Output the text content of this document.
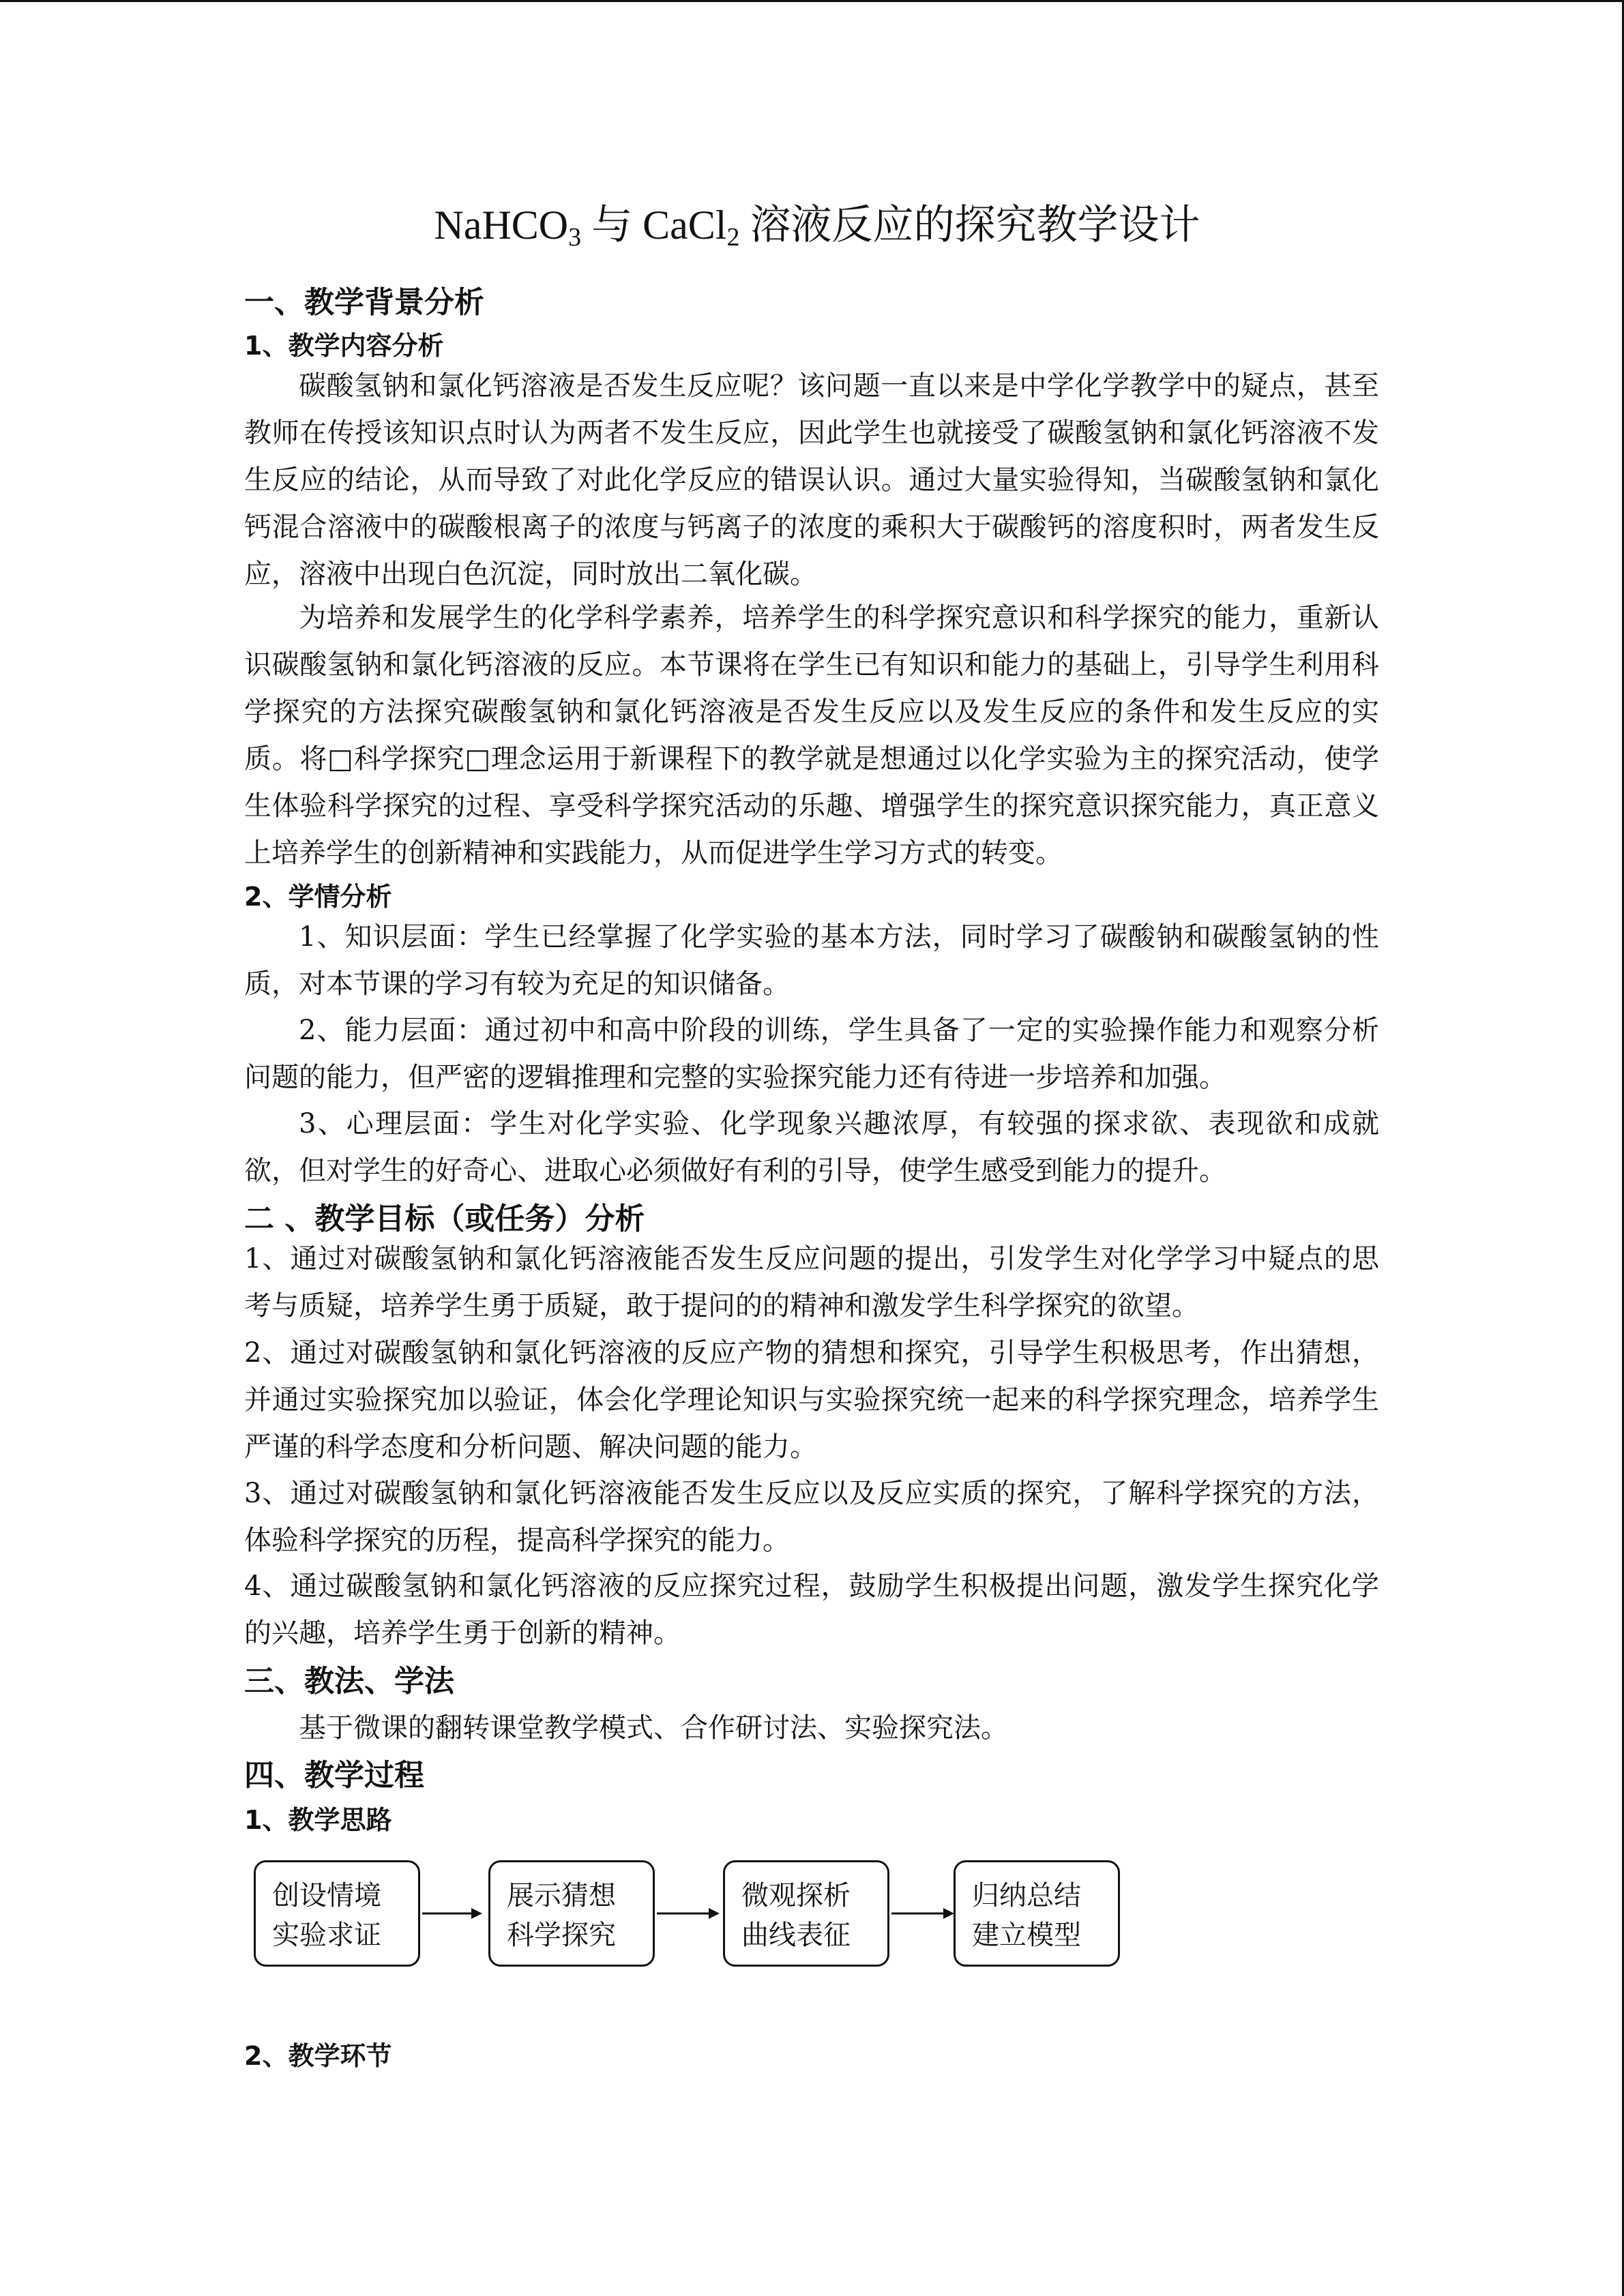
NaHCO$_3$ 与 CaCl$_2$ 溶液反应的探究教学设计
一、教学背景分析
1、教学内容分析
碳酸氢钠和氯化钙溶液是否发生反应呢？该问题一直以来是中学化学教学中的疑点，甚至教师在传授该知识点时认为两者不发生反应，因此学生也就接受了碳酸氢钠和氯化钙溶液不发生反应的结论，从而导致了对此化学反应的错误认识。通过大量实验得知，当碳酸氢钠和氯化钙混合溶液中的碳酸根离子的浓度与钙离子的浓度的乘积大于碳酸钙的溶度积时，两者发生反应，溶液中出现白色沉淀，同时放出二氧化碳。
为培养和发展学生的化学科学素养，培养学生的科学探究意识和科学探究的能力，重新认识碳酸氢钠和氯化钙溶液的反应。本节课将在学生已有知识和能力的基础上，引导学生利用科学探究的方法探究碳酸氢钠和氯化钙溶液是否发生反应以及发生反应的条件和发生反应的实质。将□科学探究□理念运用于新课程下的教学就是想通过以化学实验为主的探究活动，使学生体验科学探究的过程、享受科学探究活动的乐趣、增强学生的探究意识探究能力，真正意义上培养学生的创新精神和实践能力，从而促进学生学习方式的转变。
2、学情分析
1、知识层面：学生已经掌握了化学实验的基本方法，同时学习了碳酸钠和碳酸氢钠的性质，对本节课的学习有较为充足的知识储备。
2、能力层面：通过初中和高中阶段的训练，学生具备了一定的实验操作能力和观察分析问题的能力，但严密的逻辑推理和完整的实验探究能力还有待进一步培养和加强。
3、心理层面：学生对化学实验、化学现象兴趣浓厚，有较强的探求欲、表现欲和成就欲，但对学生的好奇心、进取心必须做好有利的引导，使学生感受到能力的提升。
二 、教学目标（或任务）分析
1、通过对碳酸氢钠和氯化钙溶液能否发生反应问题的提出，引发学生对化学学习中疑点的思考与质疑，培养学生勇于质疑，敢于提问的的精神和激发学生科学探究的欲望。
2、通过对碳酸氢钠和氯化钙溶液的反应产物的猜想和探究，引导学生积极思考，作出猜想，并通过实验探究加以验证，体会化学理论知识与实验探究统一起来的科学探究理念，培养学生严谨的科学态度和分析问题、解决问题的能力。
3、通过对碳酸氢钠和氯化钙溶液能否发生反应以及反应实质的探究，了解科学探究的方法，体验科学探究的历程，提高科学探究的能力。
4、通过碳酸氢钠和氯化钙溶液的反应探究过程，鼓励学生积极提出问题，激发学生探究化学的兴趣，培养学生勇于创新的精神。
三、教法、学法
基于微课的翻转课堂教学模式、合作研讨法、实验探究法。
四、教学过程
1、教学思路
创设情境
实验求证
展示猜想
科学探究
微观探析
曲线表征
归纳总结
建立模型
2、教学环节
